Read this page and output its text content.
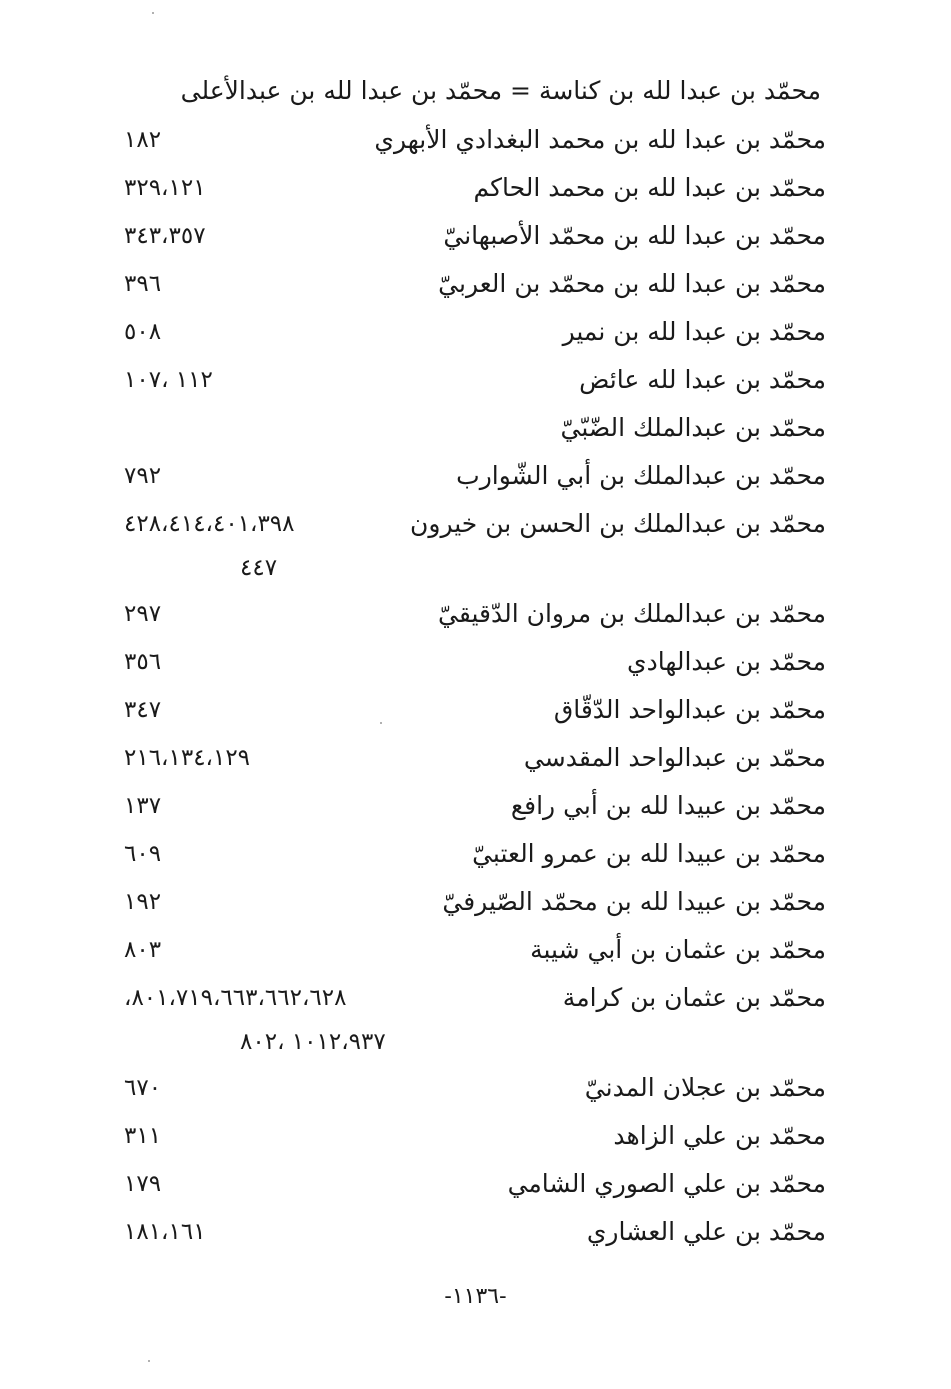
محمّد بن عبدا لله بن كناسة = محمّد بن عبدا لله بن عبدالأعلى
محمّد بن عبدا لله بن محمد البغدادي الأبهري
١٨٢
محمّد بن عبدا لله بن محمد الحاكم
٣٢٩،١٢١
محمّد بن عبدا لله بن محمّد الأصبهانيّ
٣٤٣،٣٥٧
محمّد بن عبدا لله بن محمّد بن العربيّ
٣٩٦
محمّد بن عبدا لله بن نمير
٥٠٨
محمّد بن عبدا لله عائض
١١٢ ،١٠٧
محمّد بن عبدالملك الضّبّيّ
محمّد بن عبدالملك بن أبي الشّوارب
٧٩٢
محمّد بن عبدالملك بن الحسن بن خيرون
٤٢٨،٤١٤،٤٠١،٣٩٨
٤٤٧
محمّد بن عبدالملك بن مروان الدّقيقيّ
٢٩٧
محمّد بن عبدالهادي
٣٥٦
محمّد بن عبدالواحد الدّقّاق
٣٤٧
محمّد بن عبدالواحد المقدسي
٢١٦،١٣٤،١٢٩
محمّد بن عبيدا لله بن أبي رافع
١٣٧
محمّد بن عبيدا لله بن عمرو العتبيّ
٦٠٩
محمّد بن عبيدا لله بن محمّد الصّيرفيّ
١٩٢
محمّد بن عثمان بن أبي شيبة
٨٠٣
محمّد بن عثمان بن كرامة
٨٠١،٧١٩،٦٦٣،٦٦٢،٦٢٨،
١٠١٢،٩٣٧ ،٨٠٢
محمّد بن عجلان المدنيّ
٦٧٠
محمّد بن علي الزاهد
٣١١
محمّد بن علي الصوري الشامي
١٧٩
محمّد بن علي العشاري
١٨١،١٦١
-١١٣٦-
